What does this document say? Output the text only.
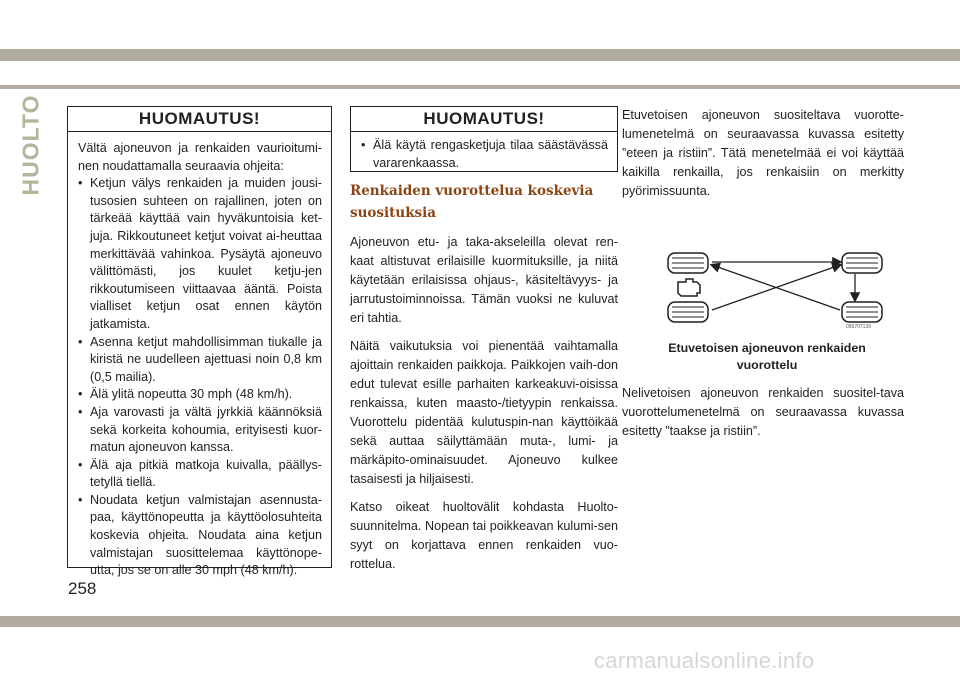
HUOLTO	HUOMAUTUS!

Vältä ajoneuvon ja renkaiden vaurioitumi-nen noudattamalla seuraavia ohjeita:

• Ketjun välys renkaiden ja muiden jousi-tusosien suhteen on rajallinen, joten on tärkeää käyttää vain hyväkuntoisia ket-juja. Rikkoutuneet ketjut voivat ai-heuttaa merkittävää vahinkoa. Pysäytä ajoneuvo välittömästi, jos kuulet ketju-jen rikkoutumiseen viittaavaa ääntä. Poista vialliset ketjun osat ennen käytön jatkamista.
• Asenna ketjut mahdollisimman tiukalle ja kiristä ne uudelleen ajettuasi noin 0,8 km (0,5 mailia).
• Älä ylitä nopeutta 30 mph (48 km/h).
• Aja varovasti ja vältä jyrkkiä käännöksiä sekä korkeita kohoumia, erityisesti kuor-matun ajoneuvon kanssa.
• Älä aja pitkiä matkoja kuivalla, päällys-tetyllä tiellä.
• Noudata ketjun valmistajan asennusta-paa, käyttönopeutta ja käyttöolosuhteita koskevia ohjeita. Noudata aina ketjun valmistajan suosittelemaa käyttönope-utta, jos se on alle 30 mph (48 km/h).
HUOMAUTUS!
• Älä käytä rengasketjuja tilaa säästävässä vararenkaassa.
Renkaiden vuorottelua koskevia
suosituksia

Ajoneuvon etu- ja taka-akseleilla olevat ren-kaat altistuvat erilaisille kuormituksille, ja niitä käytetään erilaisissa ohjaus-, käsiteltävyys- ja jarrutustoiminnoissa. Tämän vuoksi ne kuluvat eri tahtia.

Näitä vaikutuksia voi pienentää vaihtamalla ajoittain renkaiden paikkoja. Paikkojen vaih-don edut tulevat esille parhaiten karkeakuvi-oisissa renkaissa, kuten maasto-/tietyypin renkaissa. Vuorottelu pidentää kulutuspin-nan käyttöikää sekä auttaa säilyttämään muta-, lumi- ja märkäpito-ominaisuudet. Ajoneuvo kulkee tasaisesti ja hiljaisesti.

Katso oikeat huoltovälit kohdasta Huolto-suunnitelma. Nopean tai poikkeavan kulumi-sen syyt on korjattava ennen renkaiden vuo-rottelua.

Etuvetoisen ajoneuvon suositeltava vuorotte-lumenetelmä on seuraavassa kuvassa esitetty ”eteen ja ristiin”. Tätä menetelmää ei voi käyttää kaikilla renkailla, jos renkaisiin on merkitty pyörimissuunta.

055707139
Etuvetoisen ajoneuvon renkaiden
vuorottelu

Nelivetoisen ajoneuvon renkaiden suositel-tava vuorottelumenetelmä on seuraavassa kuvassa esitetty ”taakse ja ristiin”.

258
carmanualsonline.info
